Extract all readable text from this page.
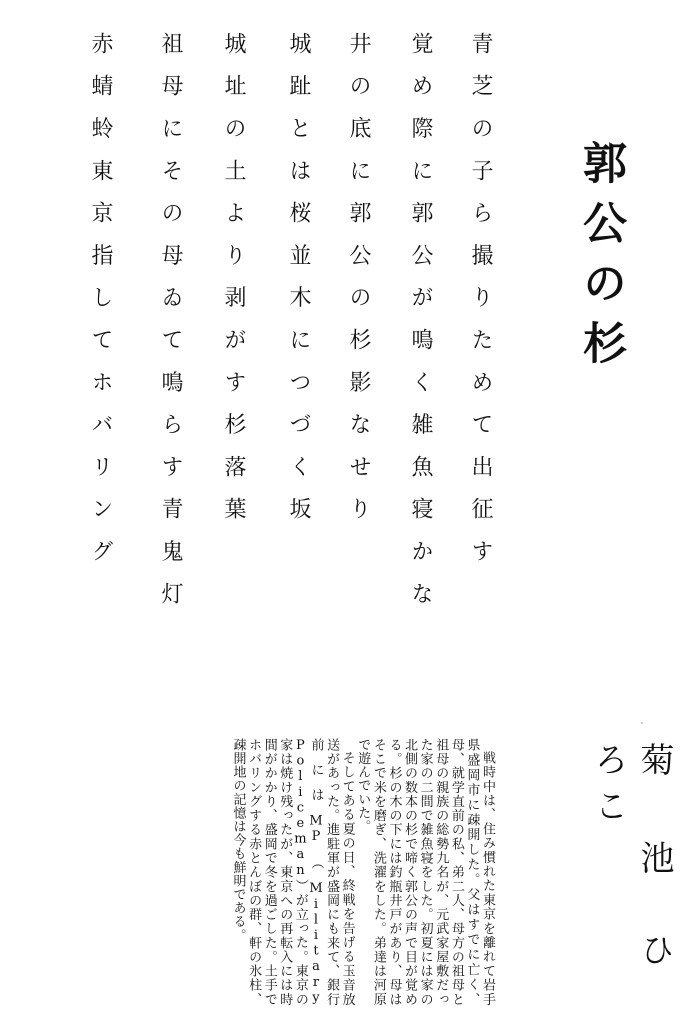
郭公の杉

青芝の子ら撮りためて出征す

覚め際に郭公が鳴く雑魚寝かな

井の底に郭公の杉影なせり

城趾とは桜並木につづく坂

城址の土より剥がす杉落葉

祖母にその母ゐて鳴らす青鬼灯

赤蜻蛉東京指してホバリング

菊 池　ひろこ

戦時中は、住み慣れた東京を離れて岩手県盛岡市に疎開した。父はすでに亡く、母、就学直前の私、弟二人、母方の祖母と祖母の親族の総勢九名が、元武家屋敷だった家の二間で雑魚寝をした。初夏には家の北側の数本の杉で啼く郭公の声で目が覚める。杉の木の下には釣瓶井戸があり、母はそこで米を磨ぎ、洗濯をした。弟達は河原で遊んでいた。

そしてある夏の日、終戦を告げる玉音放送があった。進駐軍が盛岡にも来て、銀行前にはMP（Military Policeman）が立った。東京の家は焼け残ったが、東京への再転入には時間がかかり、盛岡で冬を過ごした。土手でホバリングする赤とんぼの群、軒の氷柱、疎開地の記憶は今も鮮明である。
